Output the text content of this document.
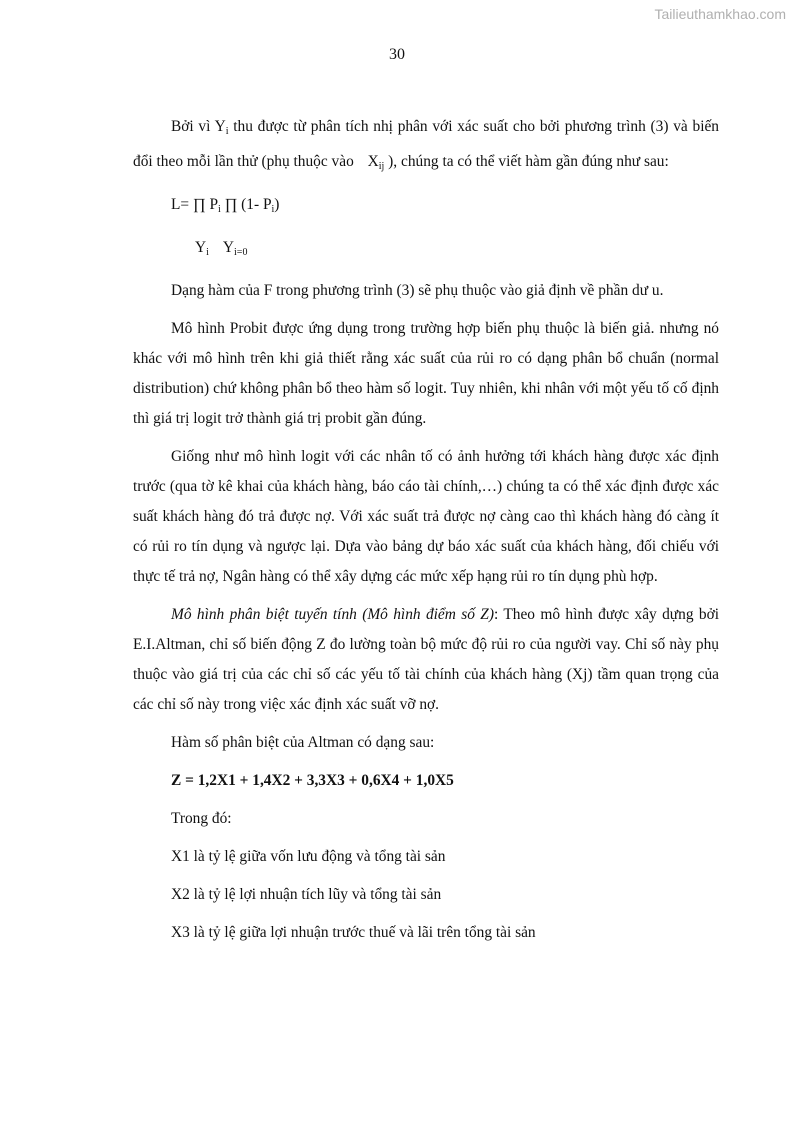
Tailieuthamkhao.com
30

Bởi vì Yi thu được từ phân tích nhị phân với xác suất cho bởi phương trình (3) và biến đổi theo mỗi lần thử (phụ thuộc vào Xij ), chúng ta có thể viết hàm gần đúng như sau:

L= ∏ Pi ∏ (1- Pi)

Yi Yi=0

Dạng hàm của F trong phương trình (3) sẽ phụ thuộc vào giả định về phần dư u.

Mô hình Probit được ứng dụng trong trường hợp biến phụ thuộc là biến giả. nhưng nó khác với mô hình trên khi giả thiết rằng xác suất của rủi ro có dạng phân bổ chuẩn (normal distribution) chứ không phân bổ theo hàm số logit. Tuy nhiên, khi nhân với một yếu tố cố định thì giá trị logit trở thành giá trị probit gần đúng.

Giống như mô hình logit với các nhân tố có ảnh hưởng tới khách hàng được xác định trước (qua tờ kê khai của khách hàng, báo cáo tài chính,…) chúng ta có thể xác định được xác suất khách hàng đó trả được nợ. Với xác suất trả được nợ càng cao thì khách hàng đó càng ít có rủi ro tín dụng và ngược lại. Dựa vào bảng dự báo xác suất của khách hàng, đối chiếu với thực tế trả nợ, Ngân hàng có thể xây dựng các mức xếp hạng rủi ro tín dụng phù hợp.

Mô hình phân biệt tuyến tính (Mô hình điểm số Z): Theo mô hình được xây dựng bởi E.I.Altman, chỉ số biến động Z đo lường toàn bộ mức độ rủi ro của người vay. Chỉ số này phụ thuộc vào giá trị của các chỉ số các yếu tố tài chính của khách hàng (Xj) tầm quan trọng của các chỉ số này trong việc xác định xác suất vỡ nợ.

Hàm số phân biệt của Altman có dạng sau:

Z = 1,2X1 + 1,4X2 + 3,3X3 + 0,6X4 + 1,0X5

Trong đó:

X1 là tỷ lệ giữa vốn lưu động và tổng tài sản

X2 là tỷ lệ lợi nhuận tích lũy và tổng tài sản

X3 là tỷ lệ giữa lợi nhuận trước thuế và lãi trên tổng tài sản
